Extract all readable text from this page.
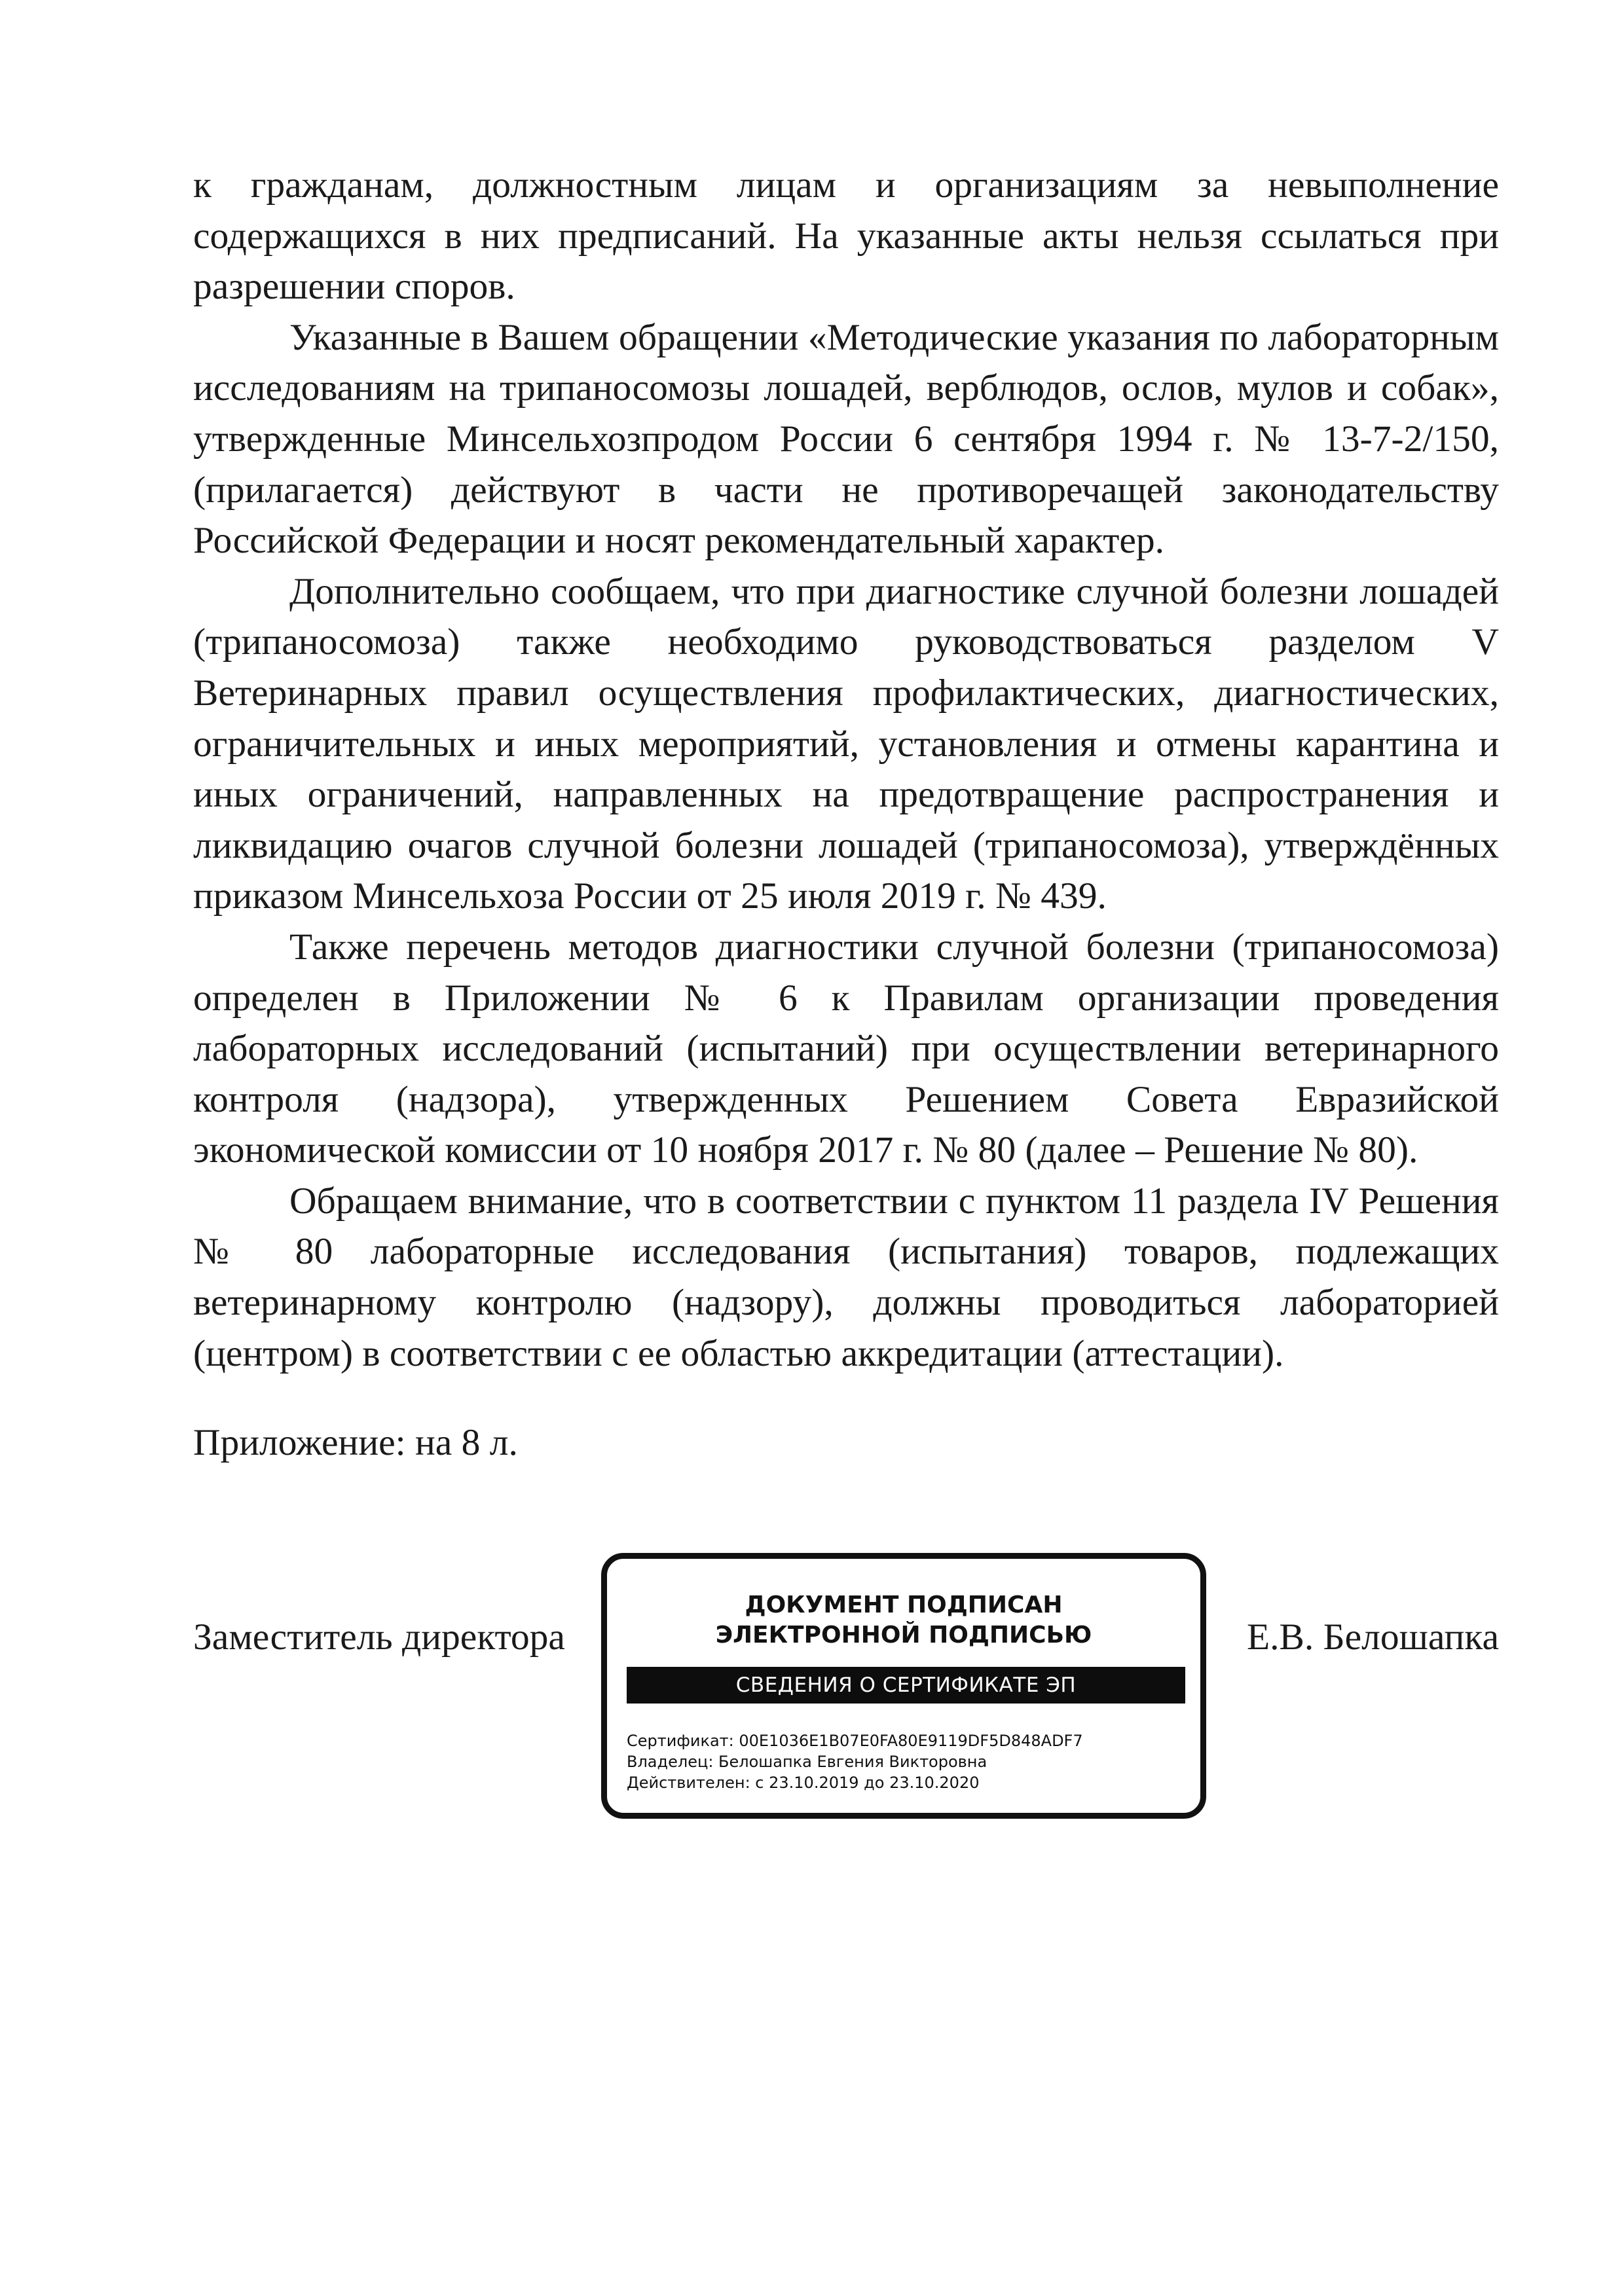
к гражданам, должностным лицам и организациям за невыполнение содержащихся в них предписаний. На указанные акты нельзя ссылаться при разрешении споров.

Указанные в Вашем обращении «Методические указания по лабораторным исследованиям на трипаносомозы лошадей, верблюдов, ослов, мулов и собак», утвержденные Минсельхозпродом России 6 сентября 1994 г. № 13-7-2/150, (прилагается) действуют в части не противоречащей законодательству Российской Федерации и носят рекомендательный характер.

Дополнительно сообщаем, что при диагностике случной болезни лошадей (трипаносомоза) также необходимо руководствоваться разделом V Ветеринарных правил осуществления профилактических, диагностических, ограничительных и иных мероприятий, установления и отмены карантина и иных ограничений, направленных на предотвращение распространения и ликвидацию очагов случной болезни лошадей (трипаносомоза), утверждённых приказом Минсельхоза России от 25 июля 2019 г. № 439.

Также перечень методов диагностики случной болезни (трипаносомоза) определен в Приложении № 6 к Правилам организации проведения лабораторных исследований (испытаний) при осуществлении ветеринарного контроля (надзора), утвержденных Решением Совета Евразийской экономической комиссии от 10 ноября 2017 г. № 80 (далее – Решение № 80).

Обращаем внимание, что в соответствии с пунктом 11 раздела IV Решения № 80 лабораторные исследования (испытания) товаров, подлежащих ветеринарному контролю (надзору), должны проводиться лабораторией (центром) в соответствии с ее областью аккредитации (аттестации).

Приложение: на 8 л.

Заместитель директора

ДОКУМЕНТ ПОДПИСАН
ЭЛЕКТРОННОЙ ПОДПИСЬЮ
СВЕДЕНИЯ О СЕРТИФИКАТЕ ЭП
Сертификат: 00E1036E1B07E0FA80E9119DF5D848ADF7
Владелец: Белошапка Евгения Викторовна
Действителен: с 23.10.2019 до 23.10.2020

Е.В. Белошапка
